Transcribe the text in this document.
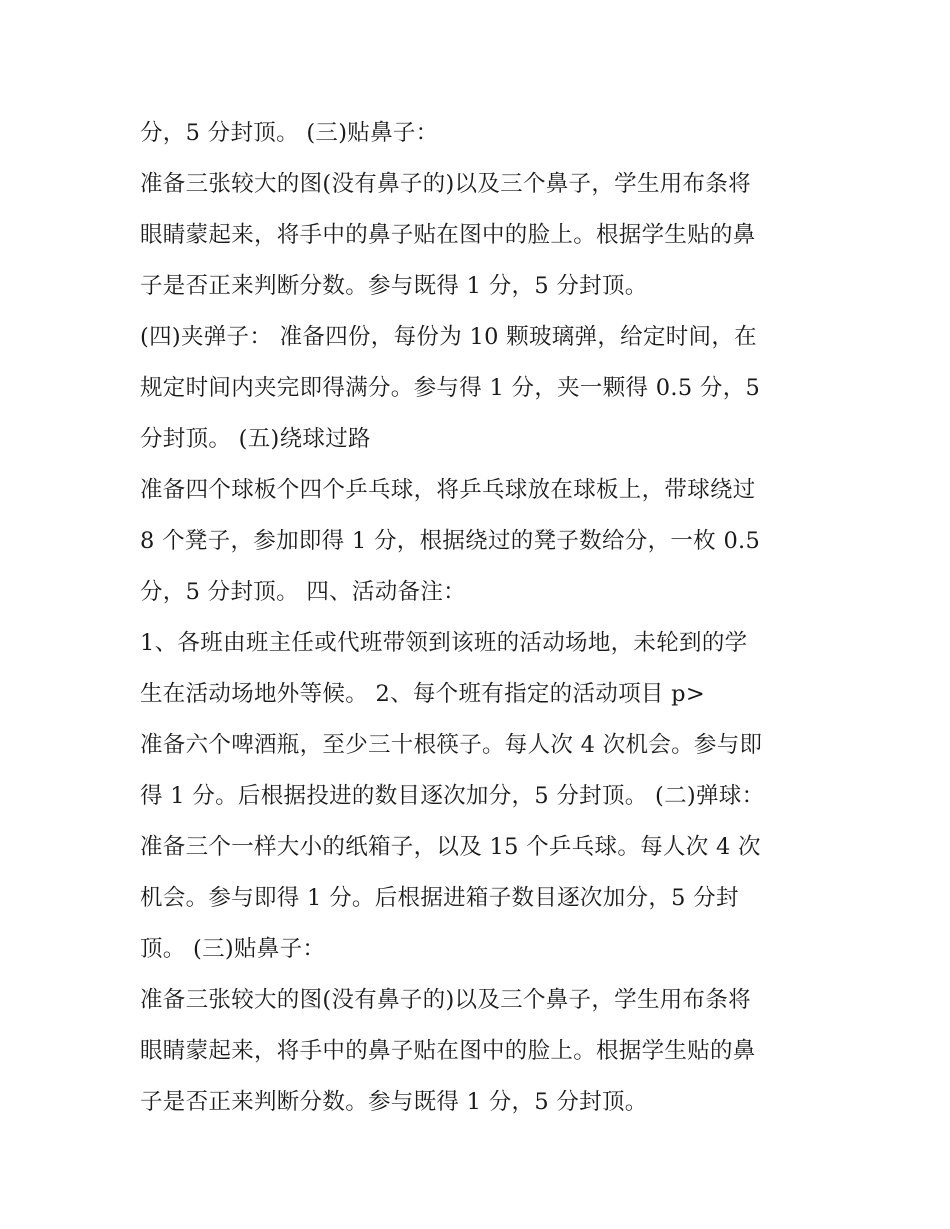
分，5 分封顶。 (三)贴鼻子：
准备三张较大的图(没有鼻子的)以及三个鼻子，学生用布条将
眼睛蒙起来，将手中的鼻子贴在图中的脸上。根据学生贴的鼻
子是否正来判断分数。参与既得 1 分，5 分封顶。
(四)夹弹子： 准备四份，每份为 10 颗玻璃弹，给定时间，在
规定时间内夹完即得满分。参与得 1 分，夹一颗得 0.5 分，5
分封顶。 (五)绕球过路
准备四个球板个四个乒乓球，将乒乓球放在球板上，带球绕过
8 个凳子，参加即得 1 分，根据绕过的凳子数给分，一枚 0.5
分，5 分封顶。 四、活动备注：
1、各班由班主任或代班带领到该班的活动场地，未轮到的学
生在活动场地外等候。 2、每个班有指定的活动项目 p>
准备六个啤酒瓶，至少三十根筷子。每人次 4 次机会。参与即
得 1 分。后根据投进的数目逐次加分，5 分封顶。 (二)弹球：
准备三个一样大小的纸箱子，以及 15 个乒乓球。每人次 4 次
机会。参与即得 1 分。后根据进箱子数目逐次加分，5 分封
顶。 (三)贴鼻子：
准备三张较大的图(没有鼻子的)以及三个鼻子，学生用布条将
眼睛蒙起来，将手中的鼻子贴在图中的脸上。根据学生贴的鼻
子是否正来判断分数。参与既得 1 分，5 分封顶。
